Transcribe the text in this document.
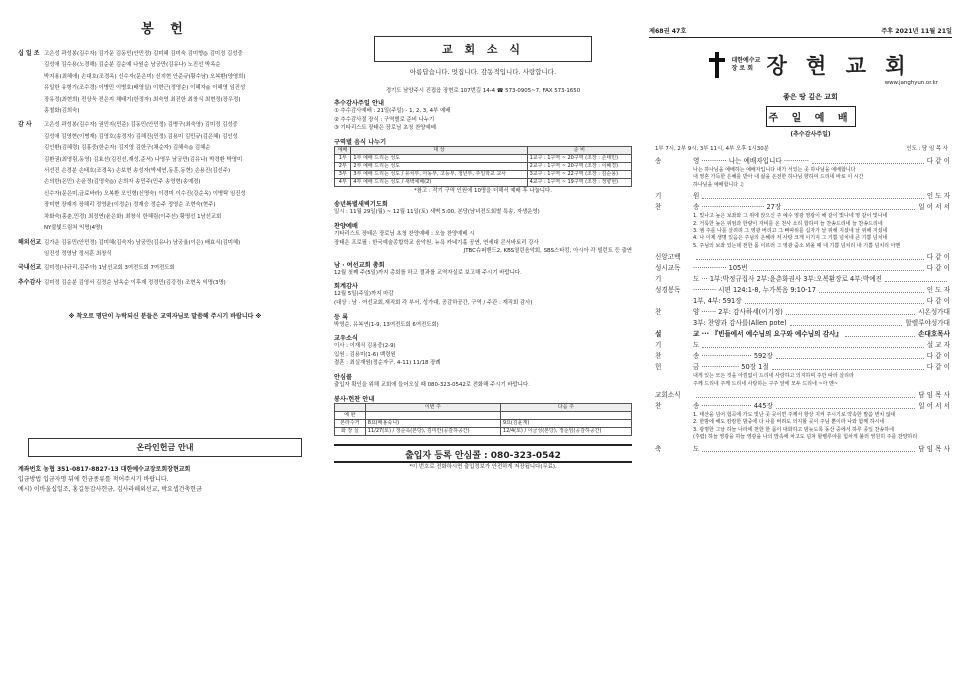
봉 헌
십 일 조 고은성 곽성봉(김수자) 김가운 김동민(안민정) 김미혜 김미숙 김미향◎ 김미정 김성중
김성애 김수용(노경해) 김순분 김순예 나원순 남궁만(김유나) 노진선 박옥순
박지용(최혜애) 손대호(조경옥) 신수자(문은미) 신지현 안준규(황수남) 오복환(양영희)
유일한 유형기(조수경) 이병민 이병호(배영실) 이현근(정영순) 이혜자◎ 이혜영 임진성
장유정(최현희) 전상욱 전은지 채태기(한정자) 최숙영 최진한 최창식 최현정(장우정)
홍철화(김희숙)
감 사	고은성 곽성봉(김수자) 권민지(민준) 김동민(안민정) 김병구(최숙영) 김미정 김성중
김성애 김영현(이병재) 김영호(송정자) 김해진(민정) 김용미 김민규(김은혜) 김인성
김인환(김혜령) 김홍중(한순자) 김지영 김한구(채순자) 김혜숙◎ 김혜순
김환권(최영림,동영) 김효선(김진선,재성,준서) 나영우 남궁만(김유나) 박경환 박영미
서선진 손경분 손태호(조경옥) 손보현 송성자(박세연,동훈,동현) 손용진(김선주)
손의한(온민) 손윤정(김영숙◎) 손희자 송민주(민주 송영현(송예경)
신수자(문은미,금료바라) 오복환 오인형(신명숙) 이경미 이수진(강순옥) 이병탁 임진성
장미현 장예지 장해리 정영윤(이정순) 정재승 정순주 정영순 조현숙(현주)
차화숙(홍춘,민경) 최정연(윤은화) 최창식 한혜림(이주선) 황명선 1남선교회
NY불빛드림쳐 익명(4명)
해외선교 김가운 김동민(안민정) 김미혜(김숙자) 남궁만(김유나) 남궁율(이은) 배효식(김미혜)
임진성 정영남 정서훈 최창식
국내선교 김미정(나규리,김주아) 1남선교회 3여전도회 7여전도회
추수감사 김미정 김순분 김영서 김정순 남옥순 이후재 정경민(김강정) 조현옥 익명(3명)
※ 착오로 명단이 누락되신 분들은 교역자님로 말씀해 주시기 바랍니다 ※
온라인헌금 안내
계좌번호 농협 351-0817-8827-13 대한예수교장로회장현교회
입금방법 입금자명 뒤에 헌금종류를 적어주시기 바랍니다.
예시) 이바울십일조, 홍길동감사헌금, 김사라해외선교, 박요셉건축헌금
교 회 소 식
아름답습니다. 멋집니다. 감동적입니다. 사랑합니다.
경기도 남양주시 진접읍 장현로 107번길 14-4 ☎ 573-0905~7, FAX 573-1650
추수감사주일 안내
① 추수감사예배 : 21일(주일) - 1, 2, 3, 4부 예배
② 추수감사절 장식 : 구역별로 준비 나누기
③ 기타리스트 장태은 장로님 초청 찬양예배
구역별 음식 나누기
예배	대 상	준 비
1부	1부 예배 드리는 성도	1교구 : 1구역 ~ 20구역 (조장 : 손태민)
2부	2부 예배 드리는 성도	2교구 : 1구역 ~ 20구역 (조장 : 이혜경)
3부	3부 예배 드리는 성도 / 유치부, 아동부, 고등부, 청년부, 주일학교 교사	3교구 : 1구역 ~ 22구역 (조장 : 김순용)
4부	4부 예배 드리는 성도 / 새벽예배(2)	4교구 : 1구역 ~ 19구역 (조장 : 정향현)
*참고 : 작기 구역 인원에 10명을 더해서 예배 후 나눕니다.
송년특별새벽기도회
일시 : 11월 29일(월) ~ 12월 11일(토) 새벽 5:00, 본당(남녀전도회별 특송, 자생운영)
찬양예배
기타리스트 장태은 장로님 초청 찬양예배 : 오늘 찬양예배 시
장태은 프로필 : 한국예술종합학교 음악원, 뉴욕 카네기홀 공연, 연세대 콘서바토리 강사
JTBC슈퍼밴드2, KBS열린음악회, SBS스타킹, 아시아 각 빌런트 등 출연
남 · 여선교회 총회
12월 첫째 주(5일)까지 총회를 하고 결과를 교역자실로 보고해 주시기 바랍니다.
회계감사
12월 5일(주일)까지 마감
(대상 : 남 · 여선교회,재직회 각 부서, 성가대, 공감하공간, 구역 / 주관 : 재직회 감사)
등 록
박영순, 유복연(1-9, 13여전도회 6여전도회)
교우소식
이사 : 이재식 김용중(2-9)
입원 : 김용미(1-6) 백령원
결혼 : 최실재원(정순자구, 4-11) 11/18 장례
안심콜
출입자 확인을 위해 교회에 들어오실 때 080-323-0542로 전화해 주시기 바랍니다.
봉사·헌찬 안내
	이번 주	다음 주
예 완		
본라수거	8요(배용숙니)	9요(김윤계)
화 장 실	11/27(토) / 정순옥(본당), 김미란(공감하공간)	12/4(토) / 이금성(본당), 정순임(공감하공간)
출입자 등록 안심콜 : 080-323-0542
*이 번호로 전화하시면 출입정보가 안전하게 저장됩니다(무료).
제68권 47호	주후 2021년 11월 21일
대한예수교
장 로 회 장 현 교 회
www.janghyun.or.kr
좋은 땅 깊은 교회
주 일 예 배
(추수감사주일)
1부 7시, 2부 9시, 3부 11시, 4부 오후 1시30분	인도 : 담 임 목 사
송	영 ············ 나는 예배자입니다 ············	다 같 이
나는 하나님을 예배하는 예배자입니다 내가 서있는 곳 하나님을 예배합니다
내 영혼 가득한 은혜를 받아 내 삶을 온전한 하나님 향하여 드리네 바로 이 시간
하나님을 예배합니다 ♫
기	원	인 도 자
찬	송 ······························ 27장	일 어 서 서
1. 빛나고 높은 보좌와 그 위에 앉으신 주 예수 영광 영광이 해 같이 빛나네 영 같이 빛나네
2. 거룩한 높은 위엄과 한량이 자비를 온 천사 소리 합하여 늘 찬송드리네 늘 찬송드리네
3. 엠 주를 나를 살려려 그 영광 버리고 그 빠따위를 십자가 날 위해 지셨네 날 위해 지셨네
4. 나 이제 생명 있음은 주님의 은혜라 저 사랑 크게 이기지 그 기쁨 넘치네 큰 기쁨 넘치네
5. 주님의 보좌 있는데 천한 몸 이르러 그 영광 줌소 뵈올 때 내 기쁨 넘치리 내 기쁨 넘치리 아멘
신앙고백	다 같 이
성시교독	················ 105번	다 같 이
기	도 ··· 1부:박정규집사 2부:윤춘화권사 3부:오복환장로 4부:박예진
성경봉독	··········· 시편 124:1-8, 누가복음 9:10-17	인 도 자
1부, 4부: 591장	다 같 이
찬	양 ······· 2부: 감사하세(이기정)	시온성가대
3부: 찬양과 감사를(Allen pote)	할렐루야성가대
설	교 ··· 『빈들에서 예수님의 요구와 예수님의 감사』	손대호목사
기	도	설 교 자
찬	송 ························ 592장	다 같 이
헌	금 ·················· 50장 1절	다 같 이
내게 있는 모든 것을 아낌없이 드리네 사랑하고 의지하며 주만 따라 살리라
주께 드리네 주께 드리네 사랑하는 구주 앞에 모두 드리네 ~아 멘~
교회소식	담 임 목 사
찬	송 ························ 445장	일 어 서 서
1. 태산을 넘어 험곡에 가도 빛난 곳 곳이면 주께서 항상 지켜 주시기로 약속한 말씀 변치 않네
2. 한밤에 해도 캄캄한 밤중에 다 나를 버려도 의지할 곳이 주님 뿐이라 나와 함께 하시네
3. 광명한 그날 하늘 나라에 천한 한 몸이 대화하고 밤늦도록 동산 중에서 하루 종일 찬송하네
(후렴) 하늘 영광을 하늘 영광을 나의 맘속에 차고도 넘쳐 할렐루야를 힘차게 불러 영원히 주를 찬양하리
축	도	담 임 목 사
